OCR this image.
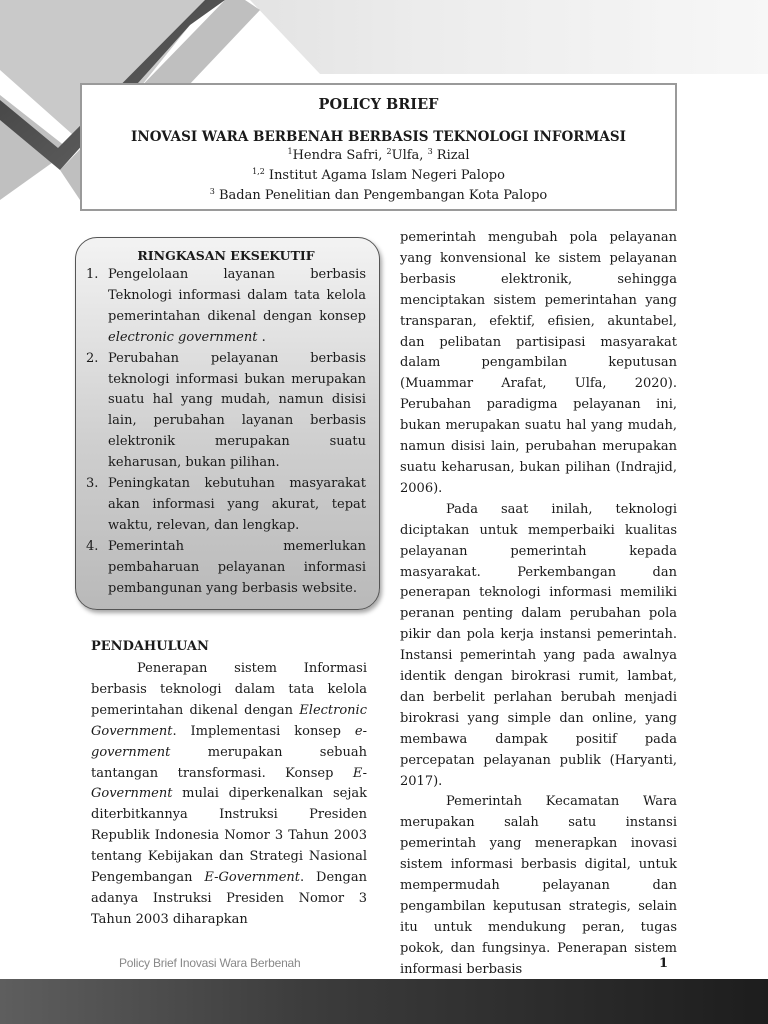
POLICY BRIEF
INOVASI WARA BERBENAH BERBASIS TEKNOLOGI INFORMASI
$^1$Hendra Safri, $^2$Ulfa, $^3$ Rizal
$^{1,2}$ Institut Agama Islam Negeri Palopo
$^3$ Badan Penelitian dan Pengembangan Kota Palopo
RINGKASAN EKSEKUTIF
1. Pengelolaan layanan berbasis Teknologi informasi dalam tata kelola pemerintahan dikenal dengan konsep electronic government .
2. Perubahan pelayanan berbasis teknologi informasi bukan merupakan suatu hal yang mudah, namun disisi lain, perubahan layanan berbasis elektronik merupakan suatu keharusan, bukan pilihan.
3. Peningkatan kebutuhan masyarakat akan informasi yang akurat, tepat waktu, relevan, dan lengkap.
4. Pemerintah memerlukan pembaharuan pelayanan informasi pembangunan yang berbasis website.
PENDAHULUAN

Penerapan sistem Informasi berbasis teknologi dalam tata kelola pemerintahan dikenal dengan Electronic Government. Implementasi konsep e-government merupakan sebuah tantangan transformasi. Konsep E-Government mulai diperkenalkan sejak diterbitkannya Instruksi Presiden Republik Indonesia Nomor 3 Tahun 2003 tentang Kebijakan dan Strategi Nasional Pengembangan E-Government. Dengan adanya Instruksi Presiden Nomor 3 Tahun 2003 diharapkan

pemerintah mengubah pola pelayanan yang konvensional ke sistem pelayanan berbasis elektronik, sehingga menciptakan sistem pemerintahan yang transparan, efektif, efisien, akuntabel, dan pelibatan partisipasi masyarakat dalam pengambilan keputusan (Muammar Arafat, Ulfa, 2020). Perubahan paradigma pelayanan ini, bukan merupakan suatu hal yang mudah, namun disisi lain, perubahan merupakan suatu keharusan, bukan pilihan (Indrajid, 2006).

Pada saat inilah, teknologi diciptakan untuk memperbaiki kualitas pelayanan pemerintah kepada masyarakat. Perkembangan dan penerapan teknologi informasi memiliki peranan penting dalam perubahan pola pikir dan pola kerja instansi pemerintah. Instansi pemerintah yang pada awalnya identik dengan birokrasi rumit, lambat, dan berbelit perlahan berubah menjadi birokrasi yang simple dan online, yang membawa dampak positif pada percepatan pelayanan publik (Haryanti, 2017).

Pemerintah Kecamatan Wara merupakan salah satu instansi pemerintah yang menerapkan inovasi sistem informasi berbasis digital, untuk mempermudah pelayanan dan pengambilan keputusan strategis, selain itu untuk mendukung peran, tugas pokok, dan fungsinya. Penerapan sistem informasi berbasis

Policy Brief Inovasi Wara Berbenah	1
